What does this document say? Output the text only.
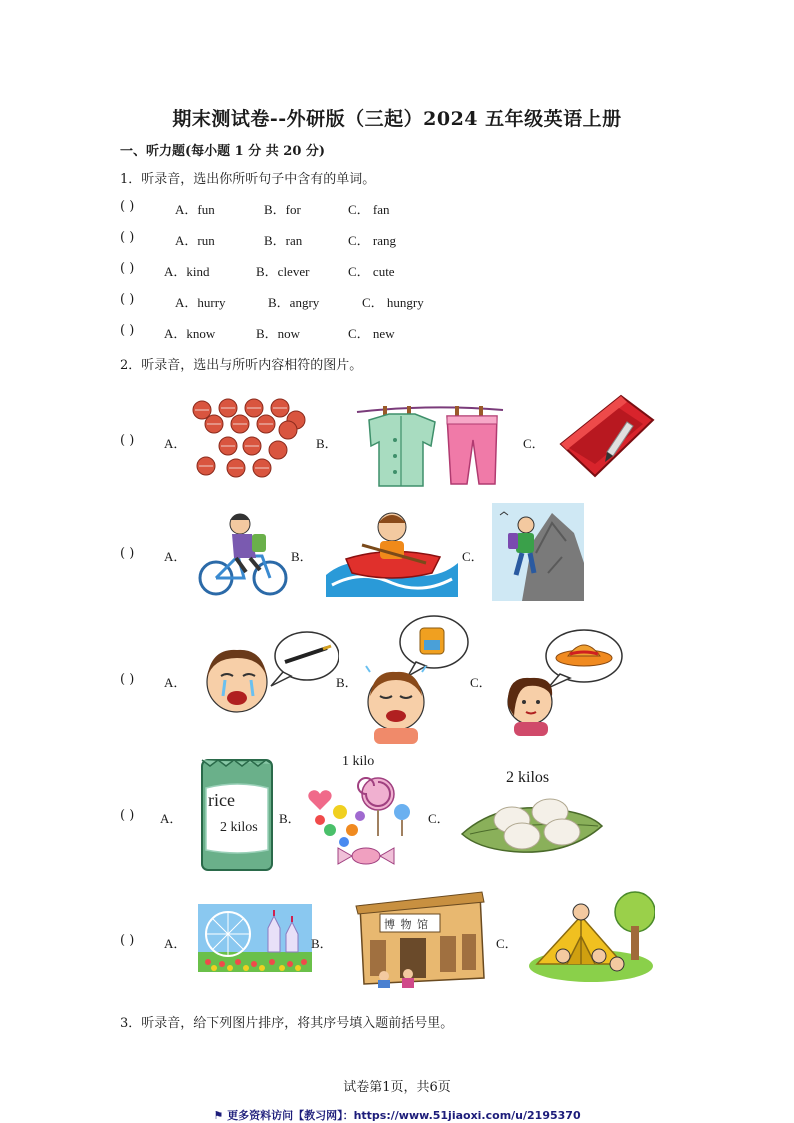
期末测试卷--外研版（三起）2024 五年级英语上册
一、听力题(每小题 1 分 共 20 分)
1．听录音，选出你所听句子中含有的单词。
( )	A．fun	B．for	C． fan
( )	A．run	B．ran	C． rang
( ) A．kind	B．clever	C． cute
( )	A．hurry	B．angry	C． hungry
( ) A．know	B．now	C． new
2．听录音，选出与所听内容相符的图片。
( ) A．	B．	C．
( ) A．	B．	C．
( ) A．	B．	C．
( ) A．
rice
2 kilos
B．
1 kilo
C．
2 kilos
( ) A．	B．
博 物 馆
C．
3．听录音，给下列图片排序，将其序号填入题前括号里。
试卷第1页，共6页
⚑ 更多资料访问【教习网】：https://www.51jiaoxi.com/u/2195370
